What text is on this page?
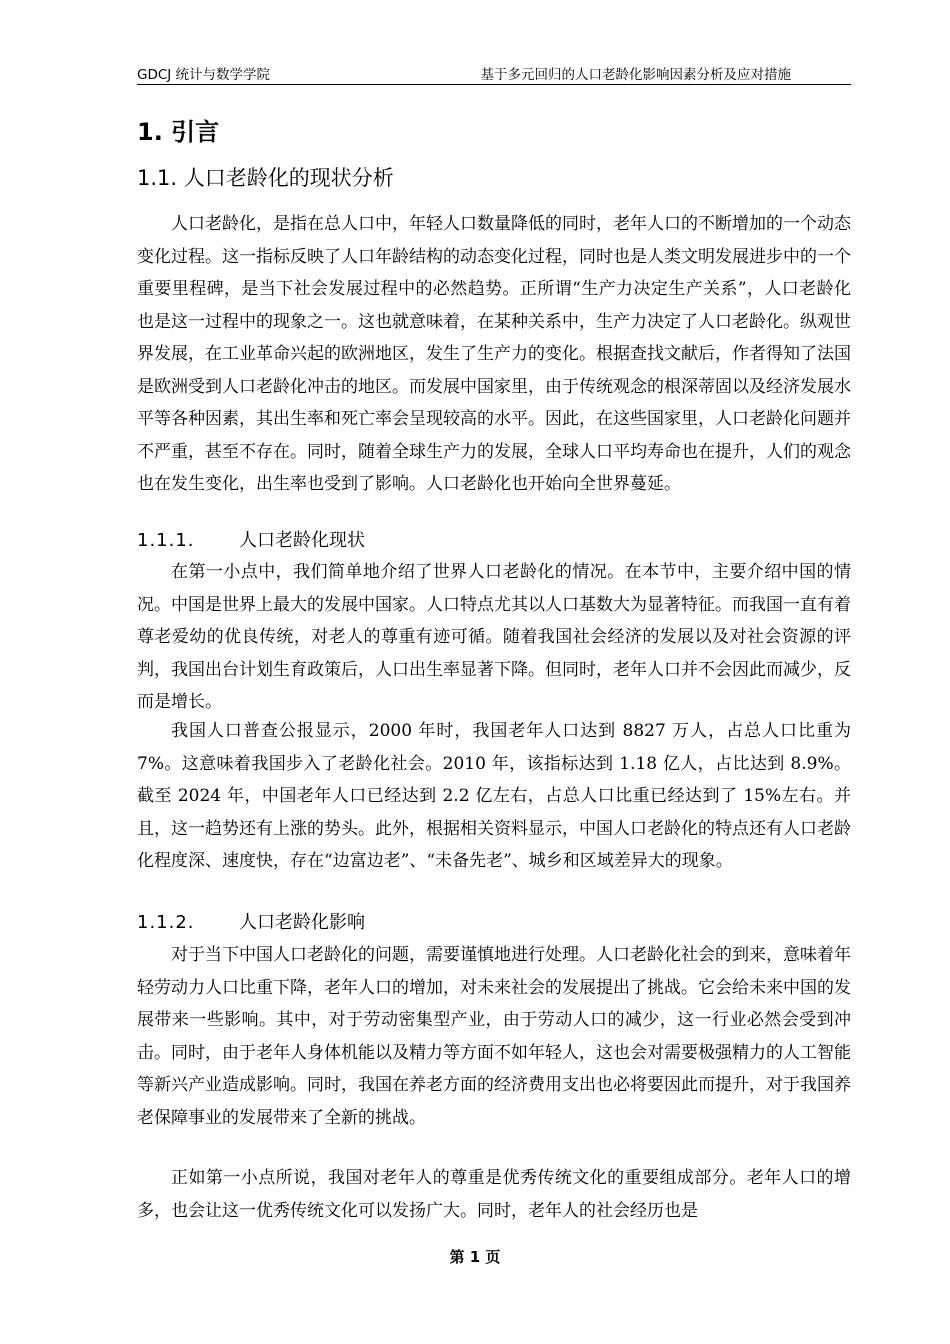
GDCJ 统计与数学学院	基于多元回归的人口老龄化影响因素分析及应对措施
1. 引言
1.1. 人口老龄化的现状分析
人口老龄化，是指在总人口中，年轻人口数量降低的同时，老年人口的不断增加的一个动态变化过程。这一指标反映了人口年龄结构的动态变化过程，同时也是人类文明发展进步中的一个重要里程碑，是当下社会发展过程中的必然趋势。正所谓“生产力决定生产关系”，人口老龄化也是这一过程中的现象之一。这也就意味着，在某种关系中，生产力决定了人口老龄化。纵观世界发展，在工业革命兴起的欧洲地区，发生了生产力的变化。根据查找文献后，作者得知了法国是欧洲受到人口老龄化冲击的地区。而发展中国家里，由于传统观念的根深蒂固以及经济发展水平等各种因素，其出生率和死亡率会呈现较高的水平。因此，在这些国家里，人口老龄化问题并不严重，甚至不存在。同时，随着全球生产力的发展，全球人口平均寿命也在提升，人们的观念也在发生变化，出生率也受到了影响。人口老龄化也开始向全世界蔓延。
1.1.1. 人口老龄化现状
在第一小点中，我们简单地介绍了世界人口老龄化的情况。在本节中，主要介绍中国的情况。中国是世界上最大的发展中国家。人口特点尤其以人口基数大为显著特征。而我国一直有着尊老爱幼的优良传统，对老人的尊重有迹可循。随着我国社会经济的发展以及对社会资源的评判，我国出台计划生育政策后，人口出生率显著下降。但同时，老年人口并不会因此而减少，反而是增长。
我国人口普查公报显示，2000 年时，我国老年人口达到 8827 万人，占总人口比重为 7%。这意味着我国步入了老龄化社会。2010 年，该指标达到 1.18 亿人，占比达到 8.9%。截至 2024 年，中国老年人口已经达到 2.2 亿左右，占总人口比重已经达到了 15%左右。并且，这一趋势还有上涨的势头。此外，根据相关资料显示，中国人口老龄化的特点还有人口老龄化程度深、速度快，存在“边富边老”、“未备先老”、城乡和区域差异大的现象。
1.1.2. 人口老龄化影响
对于当下中国人口老龄化的问题，需要谨慎地进行处理。人口老龄化社会的到来，意味着年轻劳动力人口比重下降，老年人口的增加，对未来社会的发展提出了挑战。它会给未来中国的发展带来一些影响。其中，对于劳动密集型产业，由于劳动人口的减少，这一行业必然会受到冲击。同时，由于老年人身体机能以及精力等方面不如年轻人，这也会对需要极强精力的人工智能等新兴产业造成影响。同时，我国在养老方面的经济费用支出也必将要因此而提升，对于我国养老保障事业的发展带来了全新的挑战。
正如第一小点所说，我国对老年人的尊重是优秀传统文化的重要组成部分。老年人口的增多，也会让这一优秀传统文化可以发扬广大。同时，老年人的社会经历也是
第 1 页
